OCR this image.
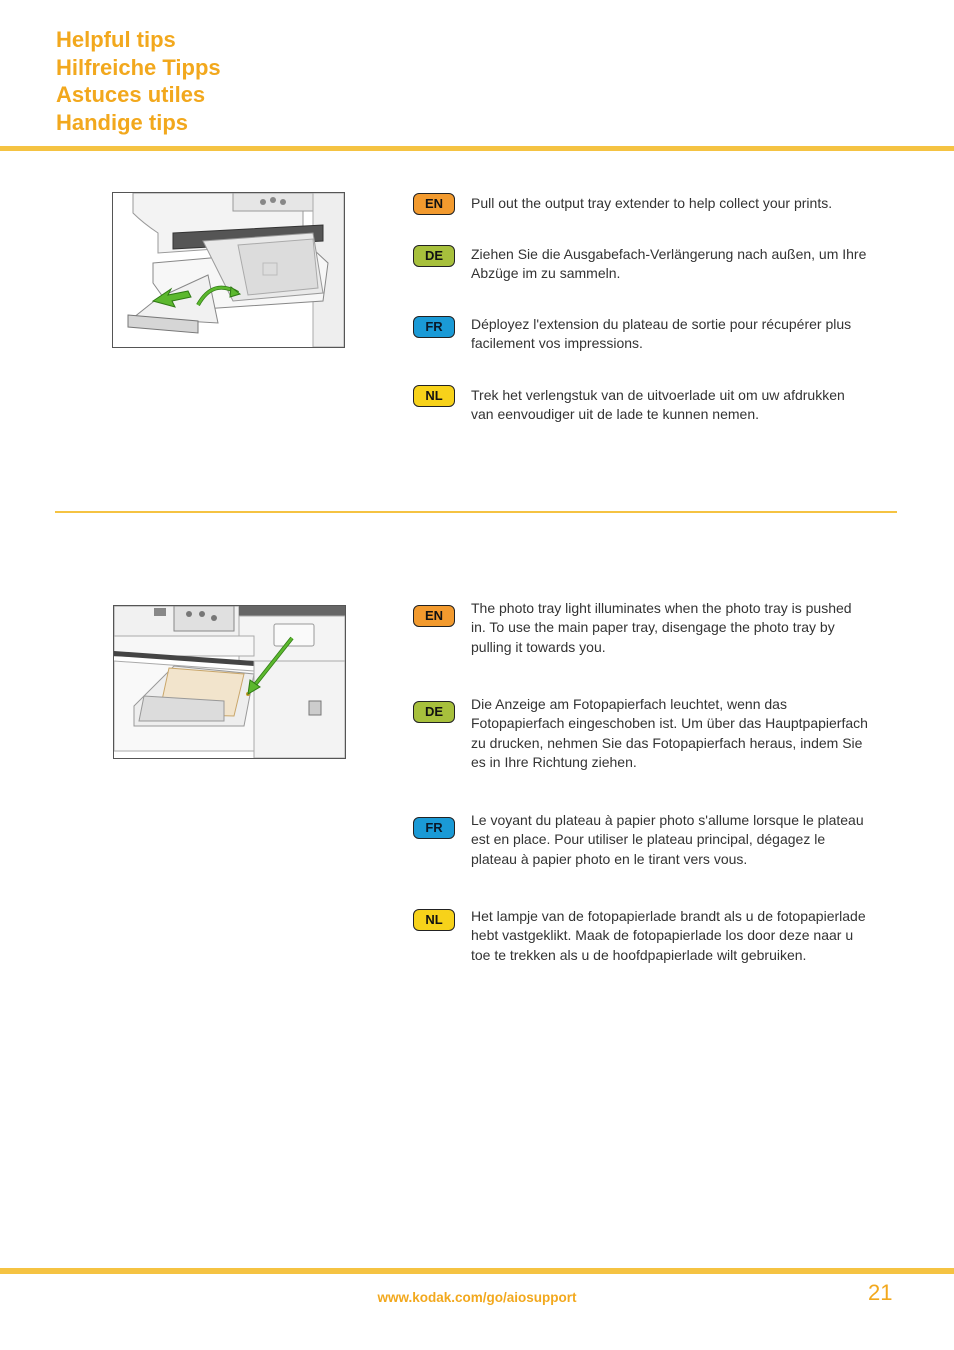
Helpful tips
Hilfreiche Tipps
Astuces utiles
Handige tips
EN	Pull out the output tray extender to help collect your prints.
DE	Ziehen Sie die Ausgabefach-Verlängerung nach außen, um Ihre
Abzüge im zu sammeln.
FR	Déployez l'extension du plateau de sortie pour récupérer plus
facilement vos impressions.
NL	Trek het verlengstuk van de uitvoerlade uit om uw afdrukken
van eenvoudiger uit de lade te kunnen nemen.
EN	The photo tray light illuminates when the photo tray is pushed
in. To use the main paper tray, disengage the photo tray by
pulling it towards you.
DE	Die Anzeige am Fotopapierfach leuchtet, wenn das
Fotopapierfach eingeschoben ist. Um über das Hauptpapierfach
zu drucken, nehmen Sie das Fotopapierfach heraus, indem Sie
es in Ihre Richtung ziehen.
FR	Le voyant du plateau à papier photo s'allume lorsque le plateau
est en place. Pour utiliser le plateau principal, dégagez le
plateau à papier photo en le tirant vers vous.
NL	Het lampje van de fotopapierlade brandt als u de fotopapierlade
hebt vastgeklikt. Maak de fotopapierlade los door deze naar u
toe te trekken als u de hoofdpapierlade wilt gebruiken.
www.kodak.com/go/aiosupport	21
